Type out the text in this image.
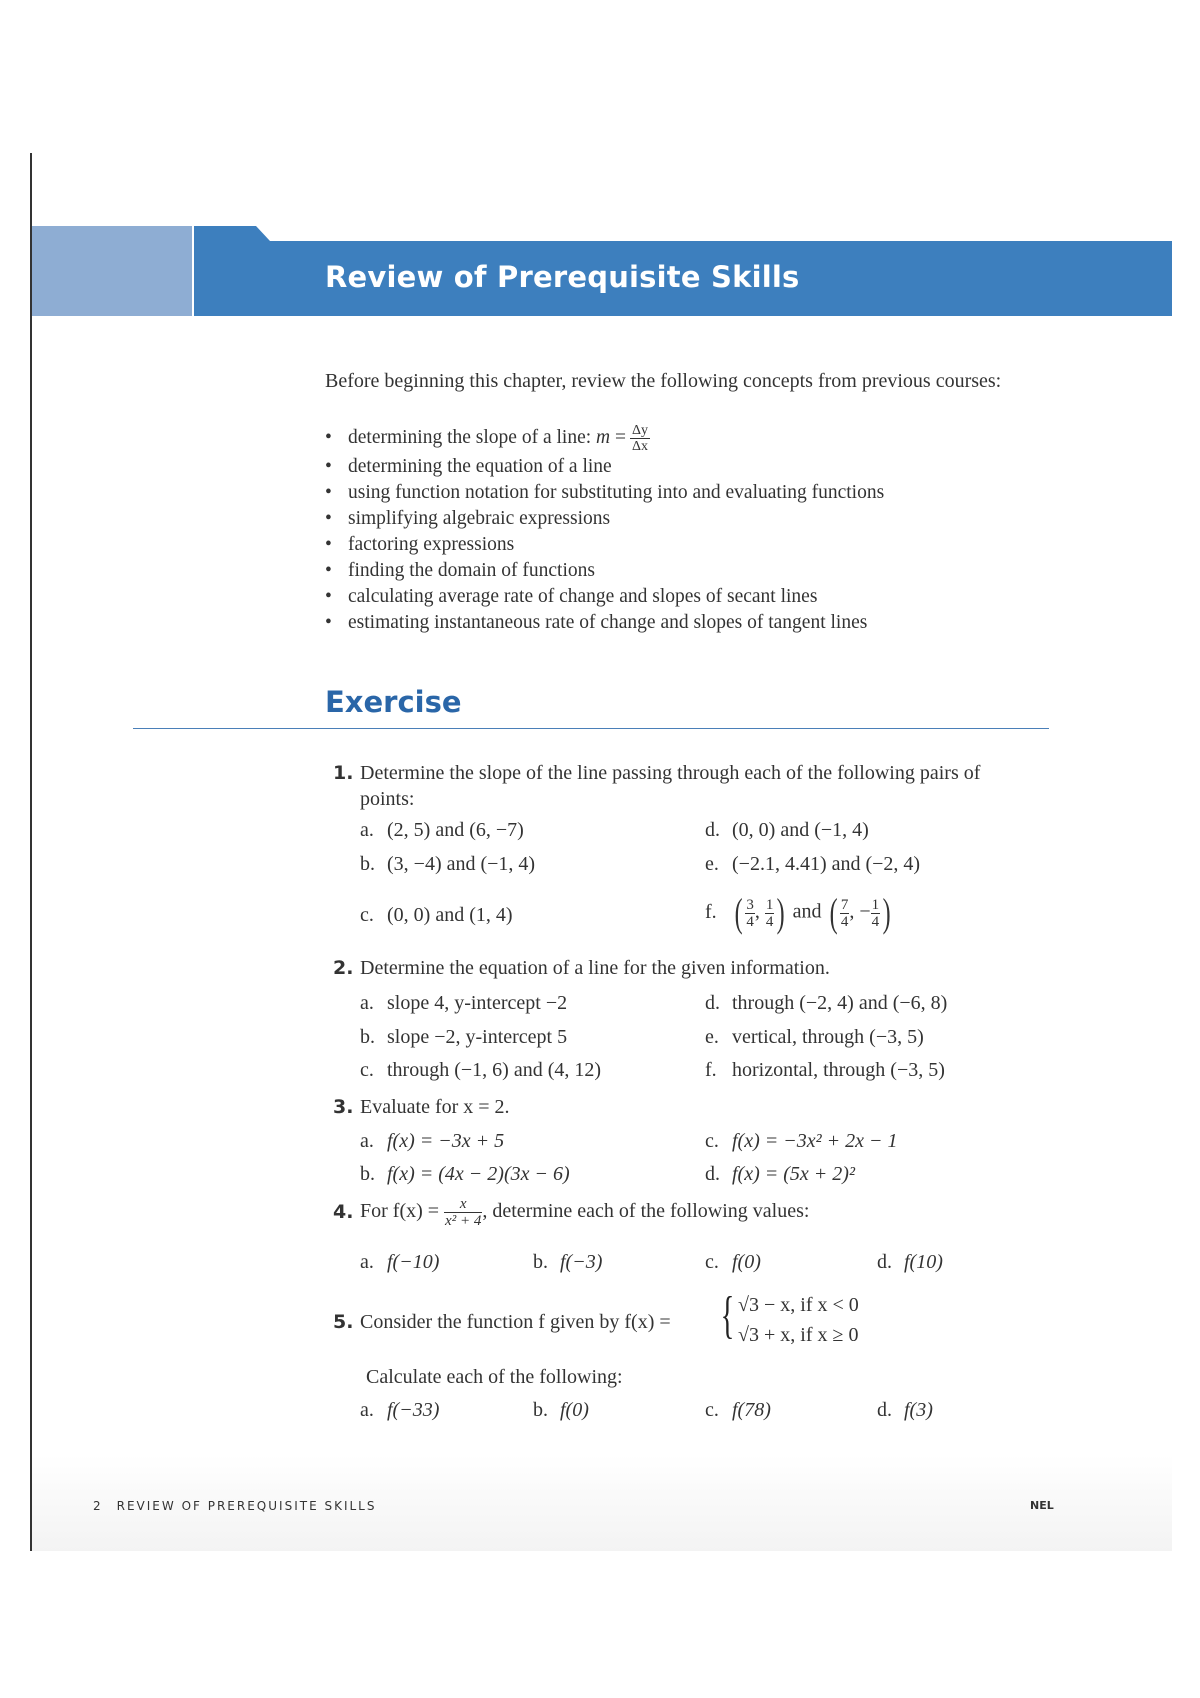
Review of Prerequisite Skills
Before beginning this chapter, review the following concepts from previous courses:
• determining the slope of a line: $m = \frac{\Delta y}{\Delta x}$
• determining the equation of a line
• using function notation for substituting into and evaluating functions
• simplifying algebraic expressions
• factoring expressions
• finding the domain of functions
• calculating average rate of change and slopes of secant lines
• estimating instantaneous rate of change and slopes of tangent lines
Exercise
1. Determine the slope of the line passing through each of the following pairs of points:
a. (2, 5) and (6, −7)
b. (3, −4) and (−1, 4)
c. (0, 0) and (1, 4)
d. (0, 0) and (−1, 4)
e. (−2.1, 4.41) and (−2, 4)
f. ( $\frac{3}{4}$ , $\frac{1}{4}$ ) and ( $\frac{7}{4}$ , − $\frac{1}{4}$ )
2. Determine the equation of a line for the given information.
a. slope 4, y-intercept −2
b. slope −2, y-intercept 5
c. through (−1, 6) and (4, 12)
d. through (−2, 4) and (−6, 8)
e. vertical, through (−3, 5)
f. horizontal, through (−3, 5)
3. Evaluate for x = 2.
a. f(x) = −3x + 5
b. f(x) = (4x − 2)(3x − 6)
c. f(x) = −3x² + 2x − 1
d. f(x) = (5x + 2)²
4. For $f(x) = \frac{x}{\text{x² + 4}}$ , determine each of the following values:
a. f(−10)	b. f(−3)	c. f(0)	d. f(10)
5. Consider the function f given by f(x) = { √3 − x, if x < 0
√3 + x, if x ≥ 0
Calculate each of the following:
a. f(−33)	b. f(0)	c. f(78)	d. f(3)
2 REVIEW OF PREREQUISITE SKILLS	NEL
